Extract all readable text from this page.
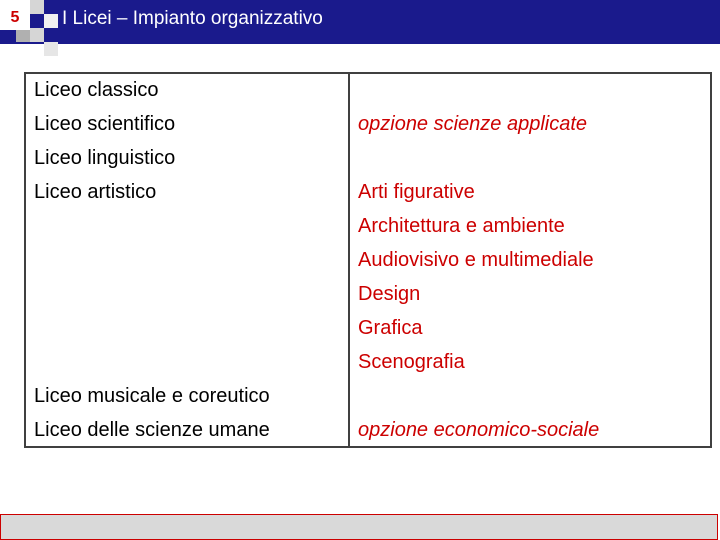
5	I Licei – Impianto organizzativo
Liceo classico	
Liceo scientifico	opzione scienze applicate
Liceo linguistico	
Liceo artistico	Arti figurative
	Architettura e ambiente
	Audiovisivo e multimediale
	Design
	Grafica
	Scenografia
Liceo musicale e coreutico	
Liceo delle scienze umane	opzione economico-sociale
